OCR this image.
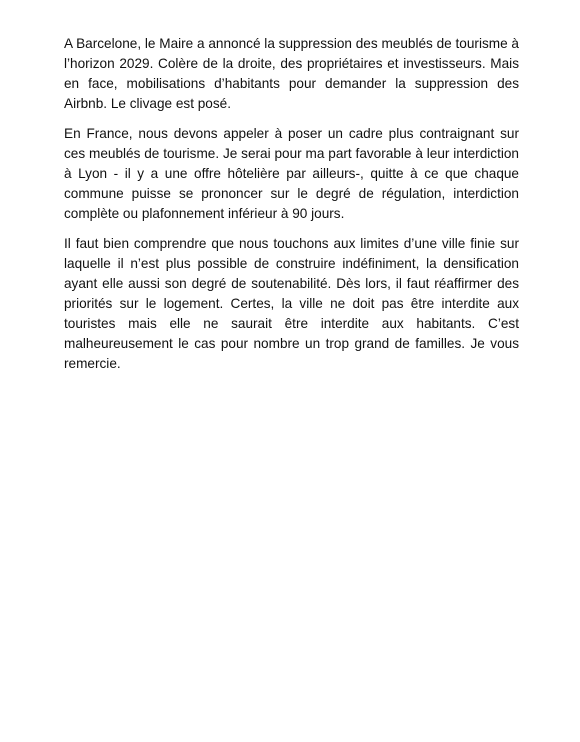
A Barcelone, le Maire a annoncé la suppression des meublés de tourisme à l’horizon 2029. Colère de la droite, des propriétaires et investisseurs. Mais en face, mobilisations d’habitants pour demander la suppression des Airbnb. Le clivage est posé.

En France, nous devons appeler à poser un cadre plus contraignant sur ces meublés de tourisme. Je serai pour ma part favorable à leur interdiction à Lyon - il y a une offre hôtelière par ailleurs-, quitte à ce que chaque commune puisse se prononcer sur le degré de régulation, interdiction complète ou plafonnement inférieur à 90 jours.

Il faut bien comprendre que nous touchons aux limites d’une ville finie sur laquelle il n’est plus possible de construire indéfiniment, la densification ayant elle aussi son degré de soutenabilité. Dès lors, il faut réaffirmer des priorités sur le logement. Certes, la ville ne doit pas être interdite aux touristes mais elle ne saurait être interdite aux habitants. C’est malheureusement le cas pour nombre un trop grand de familles. Je vous remercie.
